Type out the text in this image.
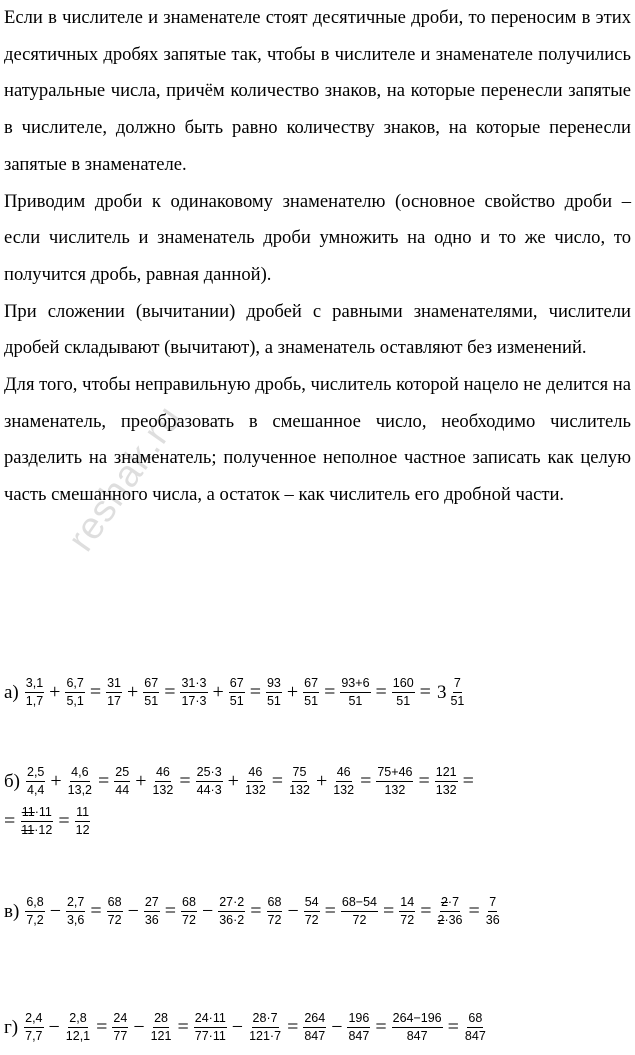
Если в числителе и знаменателе стоят десятичные дроби, то переносим в этих десятичных дробях запятые так, чтобы в числителе и знаменателе получились натуральные числа, причём количество знаков, на которые перенесли запятые в числителе, должно быть равно количеству знаков, на которые перенесли запятые в знаменателе.

Приводим дроби к одинаковому знаменателю (основное свойство дроби – если числитель и знаменатель дроби умножить на одно и то же число, то получится дробь, равная данной).

При сложении (вычитании) дробей с равными знаменателями, числители дробей складывают (вычитают), а знаменатель оставляют без изменений.

Для того, чтобы неправильную дробь, числитель которой нацело не делится на знаменатель, преобразовать в смешанное число, необходимо числитель разделить на знаменатель; полученное неполное частное записать как целую часть смешанного числа, а остаток – как числитель его дробной части.

reshak.ru
$а) \frac{3,1}{1,7} + \frac{6,7}{5,1} = \frac{31}{17} + \frac{67}{51} = \frac{31\cdot 3}{17\cdot 3} + \frac{67}{51} = \frac{93}{51} + \frac{67}{51} = \frac{93+6}{51} = \frac{160}{51} = 3 \frac{7}{51}$
$б) \frac{2,5}{4,4} + \frac{4,6}{13,2} = \frac{25}{44} + \frac{46}{132} = \frac{25\cdot 3}{44\cdot 3} + \frac{46}{132} = \frac{75}{132} + \frac{46}{132} = \frac{75+46}{132} = \frac{121}{132}$ =
= $\frac{11\cdot 11}{11\cdot 12} = \frac{11}{12}$
$в) \frac{6,8}{7,2} - \frac{2,7}{3,6} = \frac{68}{72} - \frac{27}{36} = \frac{68}{72} - \frac{27\cdot 2}{36\cdot 2} = \frac{68}{72} - \frac{54}{72} = \frac{68-54}{72} = \frac{14}{72} = \frac{2\cdot 7}{2\cdot 36} = \frac{7}{36}$
$г) \frac{2,4}{7,7} - \frac{2,8}{12,1} = \frac{24}{77} - \frac{28}{121} = \frac{24\cdot 11}{77\cdot 11} - \frac{28\cdot 7}{121\cdot 7} = \frac{264}{847} - \frac{196}{847} = \frac{264-196}{847} = \frac{68}{847}$
